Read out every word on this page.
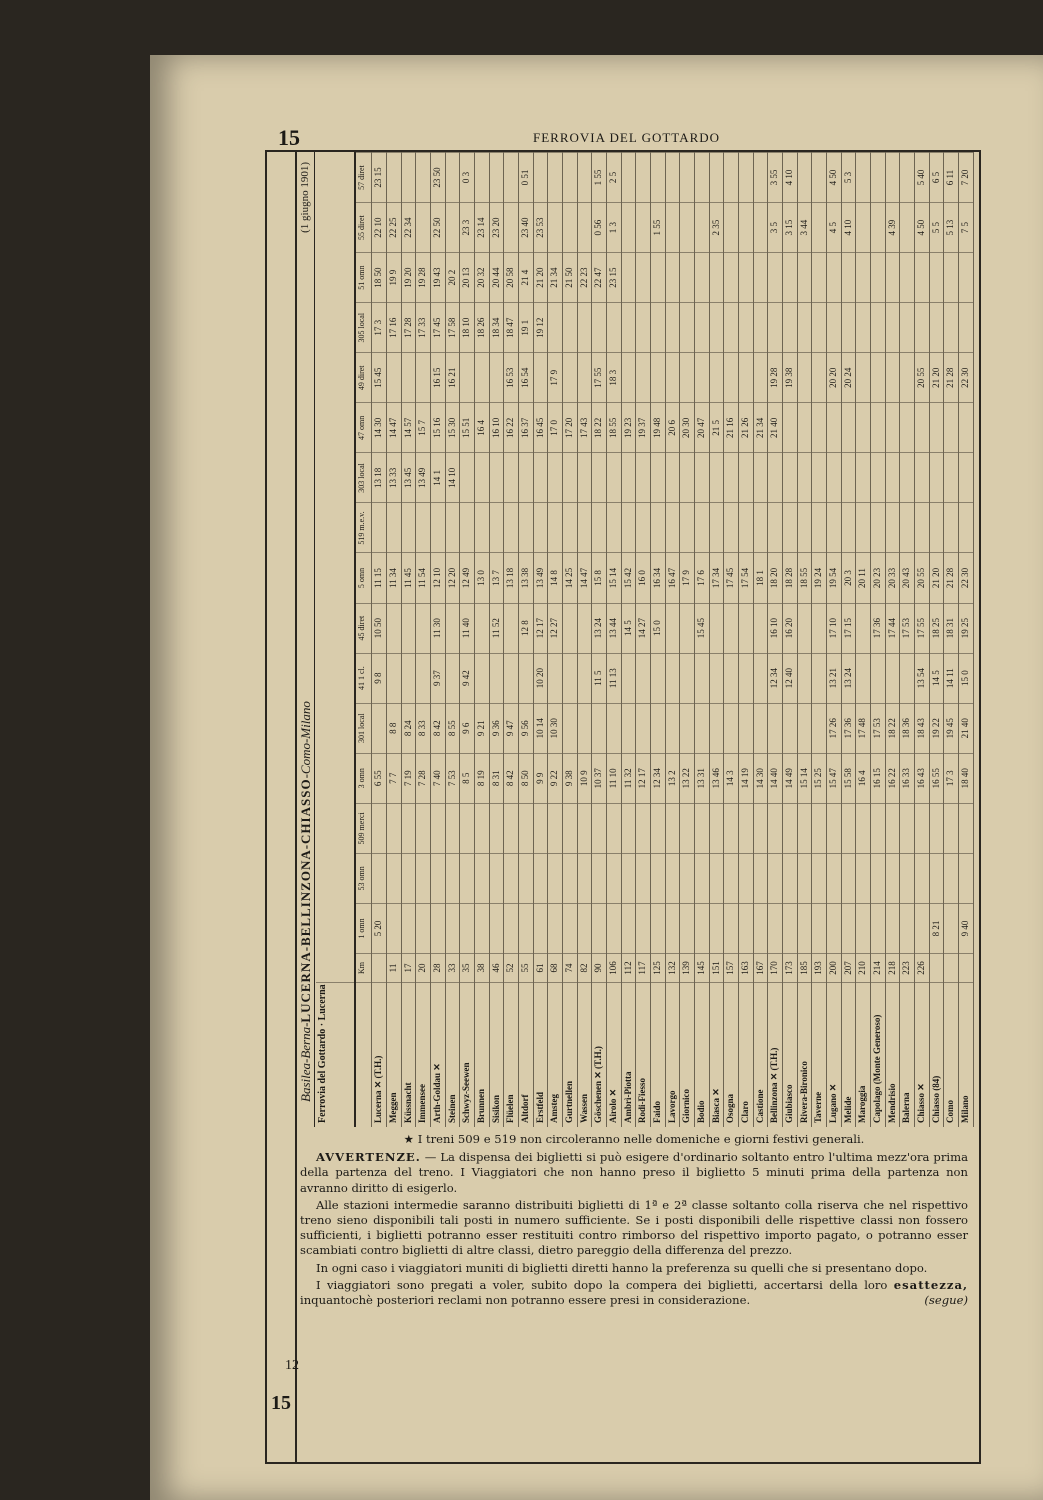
15	FERROVIA DEL GOTTARDO
15
Basilea-Berna-LUCERNA-BELLINZONA-CHIASSO-Como-Milano
(1 giugno 1901)
Ferrovia del Gottardo · Lucerna
Km
1 omn
53 omn
509 merci
3 omn
301 local
41 1 cl.
45 diret
5 omn
519 m.e.v.
303 local
47 omn
49 diret
305 local
51 omn
55 diret
57 diret
Lucerna ✕ (T.H.)
5 20
6 55
9 8
10 50
11 15
13 18
14 30
15 45
17 3
18 50
22 10
23 15
Meggen
11
7 7
8 8
11 34
13 33
14 47
17 16
19 9
22 25
Küssnacht
17
7 19
8 24
11 45
13 45
14 57
17 28
19 20
22 34
Immensee
20
7 28
8 33
11 54
13 49
15 7
17 33
19 28
Arth-Goldau ✕
28
7 40
8 42
9 37
11 30
12 10
14 1
15 16
16 15
17 45
19 43
22 50
23 50
Steinen
33
7 53
8 55
12 20
14 10
15 30
16 21
17 58
20 2
Schwyz-Seewen
35
8 5
9 6
9 42
11 40
12 49
15 51
18 10
20 13
23 3
0 3
Brunnen
38
8 19
9 21
13 0
16 4
18 26
20 32
23 14
Sisikon
46
8 31
9 36
11 52
13 7
16 10
18 34
20 44
23 20
Flüelen
52
8 42
9 47
13 18
16 22
16 53
18 47
20 58
Altdorf
55
8 50
9 56
12 8
13 38
16 37
16 54
19 1
21 4
23 40
0 51
Erstfeld
61
9 9
10 14
10 20
12 17
13 49
16 45
19 12
21 20
23 53
Amsteg
68
9 22
10 30
12 27
14 8
17 0
17 9
21 34
Gurtnellen
74
9 38
14 25
17 20
21 50
Wassen
82
10 9
14 47
17 43
22 23
Göschenen ✕ (T.H.)
90
10 37
11 5
13 24
15 8
18 22
17 55
22 47
0 56
1 55
Airolo ✕
106
11 10
11 13
13 44
15 14
18 55
18 3
23 15
1 3
2 5
Ambrì-Piotta
112
11 32
14 5
15 42
19 23
Rodi-Fiesso
117
12 17
14 27
16 0
19 37
Faido
125
12 34
15 0
16 34
19 48
1 55
Lavorgo
132
13 2
16 47
20 6
Giornico
139
13 22
17 9
20 30
Bodio
145
13 31
15 45
17 6
20 47
Biasca ✕
151
13 46
17 34
21 5
2 35
Osogna
157
14 3
17 45
21 16
Claro
163
14 19
17 54
21 26
Castione
167
14 30
18 1
21 34
Bellinzona ✕ (T.H.)
170
14 40
12 34
16 10
18 20
21 40
19 28
3 5
3 55
Giubiasco
173
14 49
12 40
16 20
18 28
19 38
3 15
4 10
Rivera-Bironico
185
15 14
18 55
3 44
Taverne
193
15 25
19 24
Lugano ✕
200
15 47
17 26
13 21
17 10
19 54
20 20
4 5
4 50
Melide
207
15 58
17 36
13 24
17 15
20 3
20 24
4 10
5 3
Maroggia
210
16 4
17 48
20 11
Capolago (Monte Generoso)
214
16 15
17 53
17 36
20 23
Mendrisio
218
16 22
18 22
17 44
20 33
4 39
Balerna
223
16 33
18 36
17 53
20 43
Chiasso ✕
226
16 43
18 43
13 54
17 55
20 55
20 55
4 50
5 40
Chiasso (84)
8 21
16 55
19 22
14 5
18 25
21 20
21 20
5 5
6 5
Como
17 3
19 45
14 11
18 31
21 28
21 28
5 13
6 11
Milano
9 40
18 40
21 40
15 0
19 25
22 30
22 30
7 5
7 20

★ I treni 509 e 519 non circoleranno nelle domeniche e giorni festivi generali.

AVVERTENZE. — La dispensa dei biglietti si può esigere d'ordinario soltanto entro l'ultima mezz'ora prima della partenza del treno. I Viaggiatori che non hanno preso il biglietto 5 minuti prima della partenza non avranno diritto di esigerlo.

Alle stazioni intermedie saranno distribuiti biglietti di 1ª e 2ª classe soltanto colla riserva che nel rispettivo treno sieno disponibili tali posti in numero sufficiente. Se i posti disponibili delle rispettive classi non fossero sufficienti, i biglietti potranno esser restituiti contro rimborso del rispettivo importo pagato, o potranno esser scambiati contro biglietti di altre classi, dietro pareggio della differenza del prezzo.

In ogni caso i viaggiatori muniti di biglietti diretti hanno la preferenza su quelli che si presentano dopo.

I viaggiatori sono pregati a voler, subito dopo la compera dei biglietti, accertarsi della loro esattezza, inquantochè posteriori reclami non potranno essere presi in considerazione.	(segue)

12
